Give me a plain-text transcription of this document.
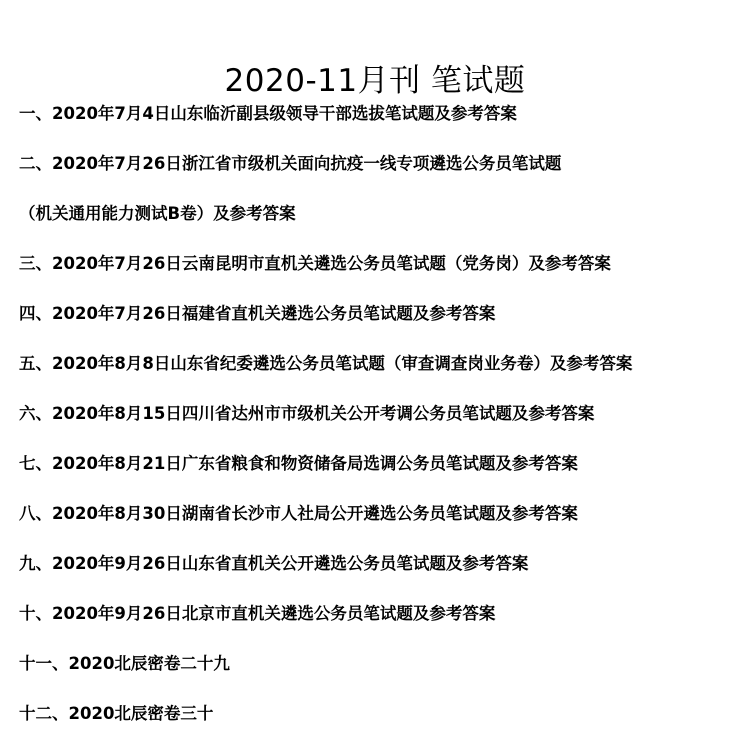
2020-11月刊 笔试题
一、2020年7月4日山东临沂副县级领导干部选拔笔试题及参考答案
二、2020年7月26日浙江省市级机关面向抗疫一线专项遴选公务员笔试题
（机关通用能力测试B卷）及参考答案
三、2020年7月26日云南昆明市直机关遴选公务员笔试题（党务岗）及参考答案
四、2020年7月26日福建省直机关遴选公务员笔试题及参考答案
五、2020年8月8日山东省纪委遴选公务员笔试题（审查调查岗业务卷）及参考答案
六、2020年8月15日四川省达州市市级机关公开考调公务员笔试题及参考答案
七、2020年8月21日广东省粮食和物资储备局选调公务员笔试题及参考答案
八、2020年8月30日湖南省长沙市人社局公开遴选公务员笔试题及参考答案
九、2020年9月26日山东省直机关公开遴选公务员笔试题及参考答案
十、2020年9月26日北京市直机关遴选公务员笔试题及参考答案
十一、2020北辰密卷二十九
十二、2020北辰密卷三十
